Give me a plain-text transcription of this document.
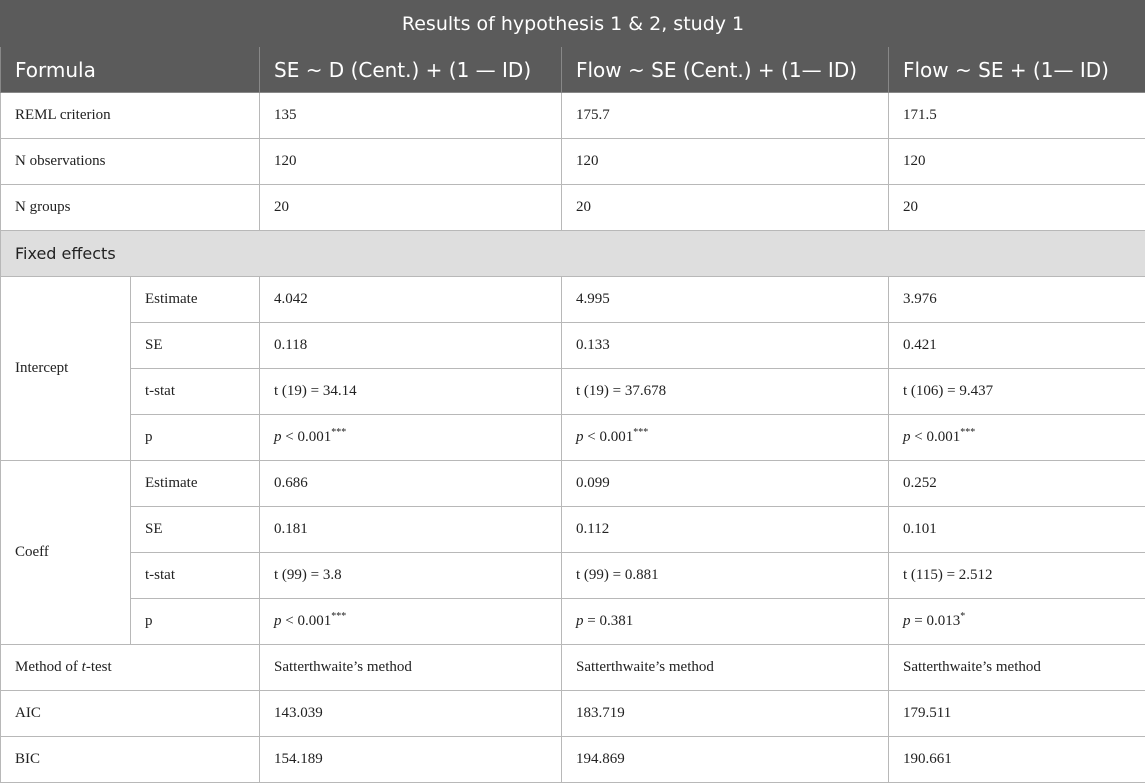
Results of hypothesis 1 & 2, study 1				
Formula		SE ~ D (Cent.) + (1 — ID)	Flow ~ SE (Cent.) + (1— ID)	Flow ~ SE + (1— ID)
REML criterion		135	175.7	171.5
N observations		120	120	120
N groups		20	20	20
Fixed effects				
Intercept	Estimate	4.042	4.995	3.976
	SE	0.118	0.133	0.421
	t-stat	t (19) = 34.14	t (19) = 37.678	t (106) = 9.437
	p	p < 0.001***	p < 0.001***	p < 0.001***
Coeff	Estimate	0.686	0.099	0.252
	SE	0.181	0.112	0.101
	t-stat	t (99) = 3.8	t (99) = 0.881	t (115) = 2.512
	p	p < 0.001***	p = 0.381	p = 0.013*
Method of t-test		Satterthwaite’s method	Satterthwaite’s method	Satterthwaite’s method
AIC		143.039	183.719	179.511
BIC		154.189	194.869	190.661
